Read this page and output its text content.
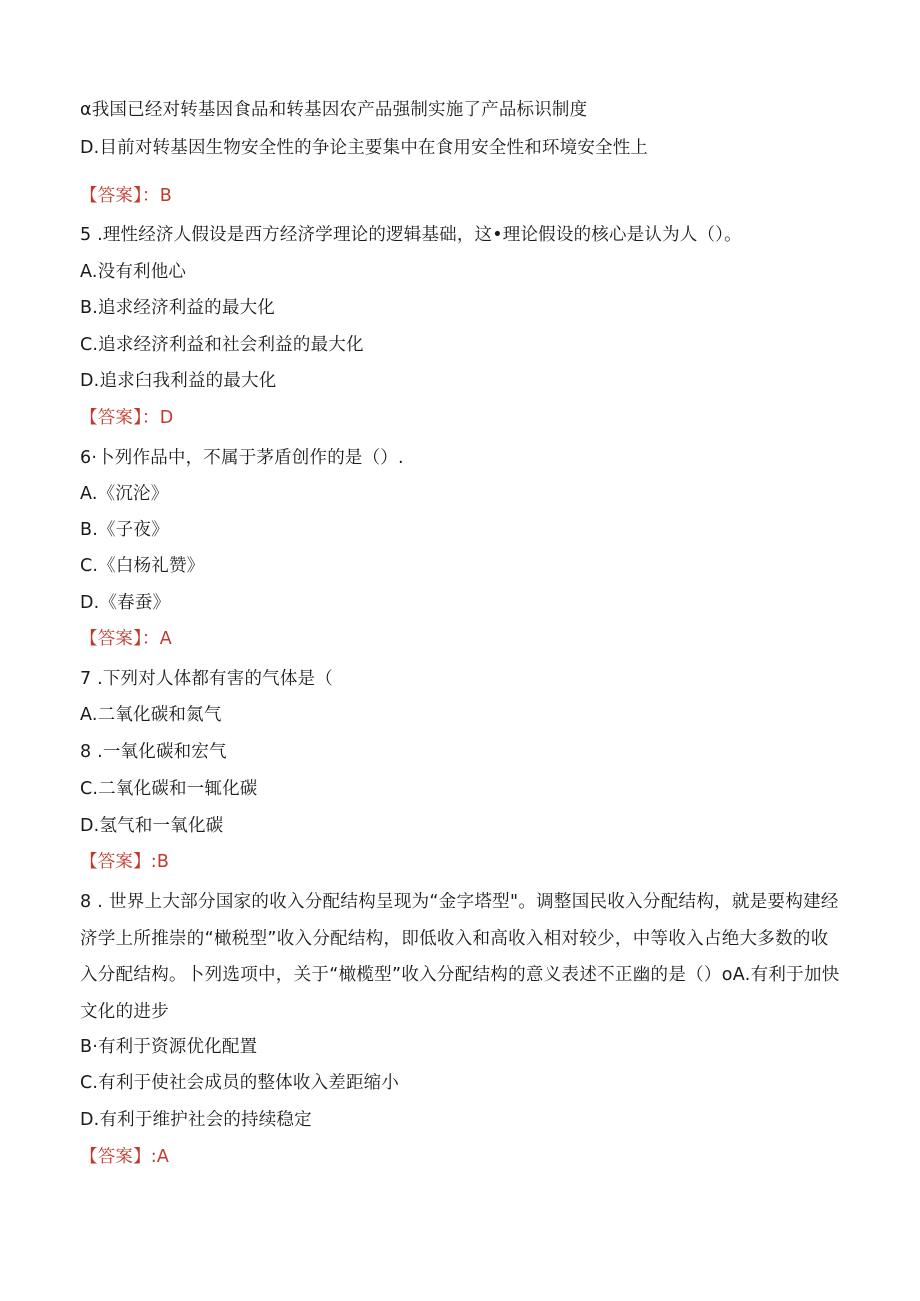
α我国已经对转基因食品和转基因农产品强制实施了产品标识制度
D.目前对转基因生物安全性的争论主要集中在食用安全性和环境安全性上
【答案】：B
5 .理性经济人假设是西方经济学理论的逻辑基础，这•理论假设的核心是认为人（）。
A.没有利他心
B.追求经济利益的最大化
C.追求经济利益和社会利益的最大化
D.追求臼我利益的最大化
【答案】：D
6·卜列作品中，不属于茅盾创作的是（）.
A.《沉沦》
B.《子夜》
C.《白杨礼赞》
D.《春蚕》
【答案】：A
7 .下列对人体都有害的气体是（
A.二氧化碳和氮气
8 .一氧化碳和宏气
C.二氧化碳和一辄化碳
D.氢气和一氧化碳
【答案】:B
8 . 世界上大部分国家的收入分配结构呈现为“金字塔型"。调整国民收入分配结构，就是要构建经济学上所推崇的“橄税型”收入分配结构，即低收入和高收入相对较少，中等收入占绝大多数的收入分配结构。卜列选项中，关于“橄榄型”收入分配结构的意义表述不正幽的是（）oA.有利于加快文化的进步
B·有利于资源优化配置
C.有利于使社会成员的整体收入差距缩小
D.有利于维护社会的持续稳定
【答案】:A
